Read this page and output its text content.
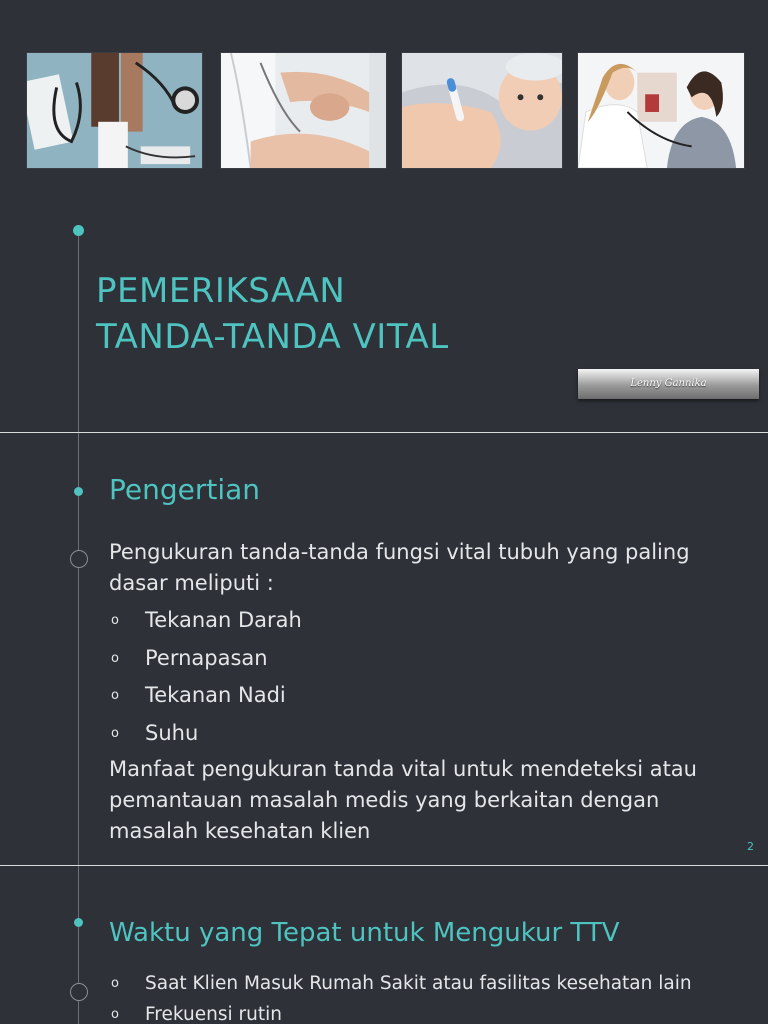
PEMERIKSAAN
TANDA-TANDA VITAL
Lenny Gannika
Pengertian

Pengukuran tanda-tanda fungsi vital tubuh yang paling dasar meliputi :

o Tekanan Darah
o Pernapasan
o Tekanan Nadi
o Suhu

Manfaat pengukuran tanda vital untuk mendeteksi atau pemantauan masalah medis yang berkaitan dengan masalah kesehatan klien

2
Waktu yang Tepat untuk Mengukur TTV
o Saat Klien Masuk Rumah Sakit atau fasilitas kesehatan lain
o Frekuensi rutin
